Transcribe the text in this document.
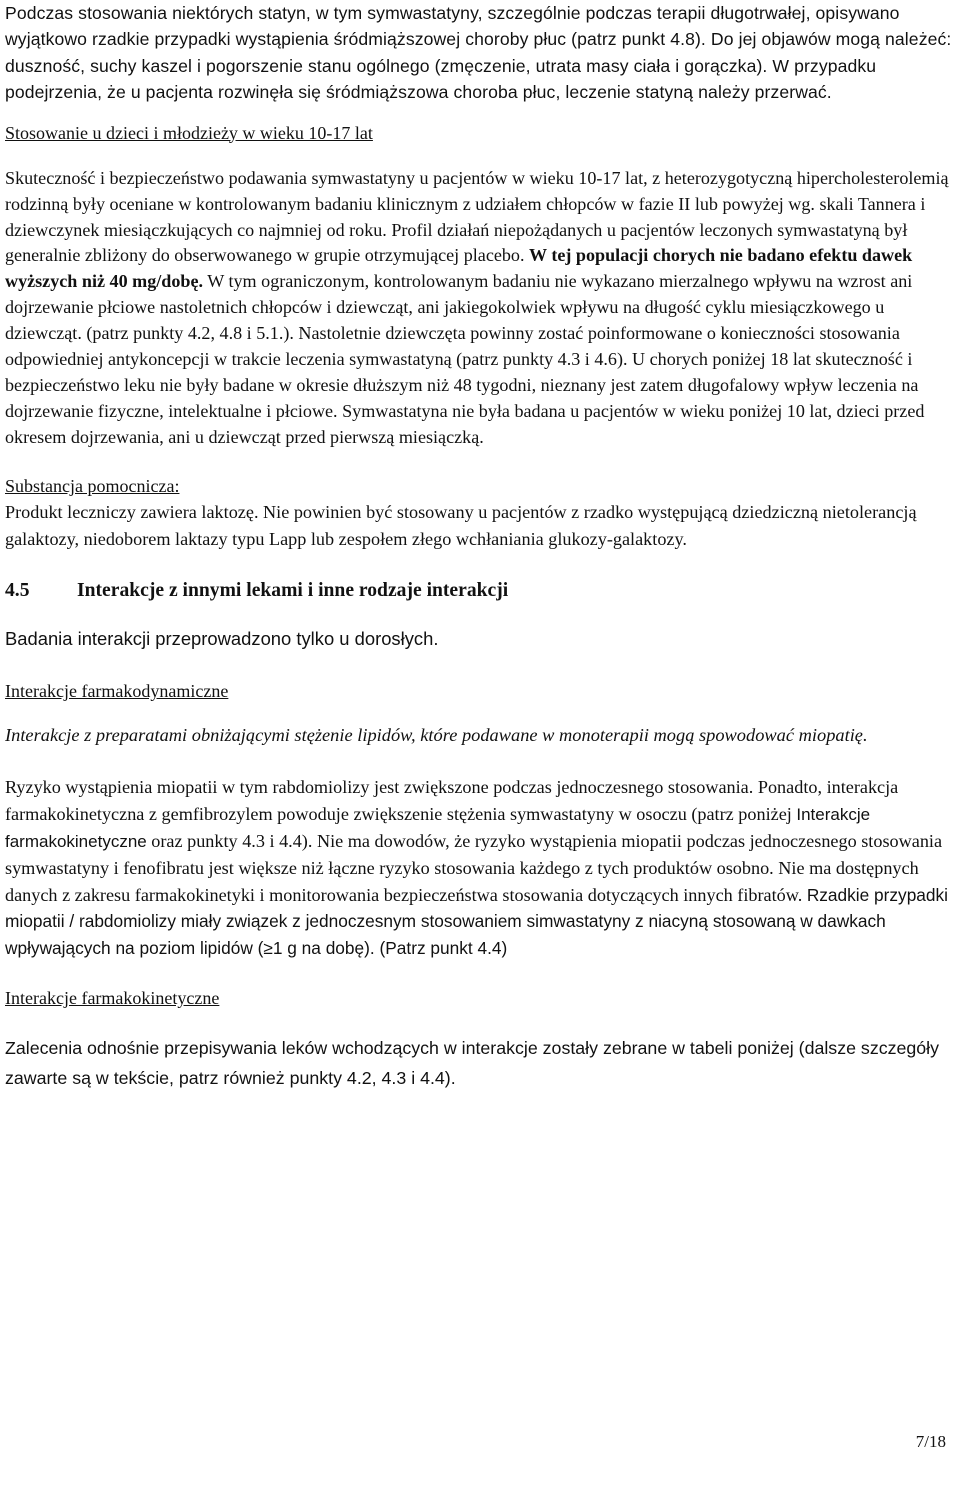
Podczas stosowania niektórych statyn, w tym symwastatyny, szczególnie podczas terapii długotrwałej, opisywano wyjątkowo rzadkie przypadki wystąpienia śródmiąższowej choroby płuc (patrz punkt 4.8). Do jej objawów mogą należeć: duszność, suchy kaszel i pogorszenie stanu ogólnego (zmęczenie, utrata masy ciała i gorączka). W przypadku podejrzenia, że u pacjenta rozwinęła się śródmiąższowa choroba płuc, leczenie statyną należy przerwać.

Stosowanie u dzieci i młodzieży w wieku 10-17 lat

Skuteczność i bezpieczeństwo podawania symwastatyny u pacjentów w wieku 10-17 lat, z heterozygotyczną hipercholesterolemią rodzinną były oceniane w kontrolowanym badaniu klinicznym z udziałem chłopców w fazie II lub powyżej wg. skali Tannera i dziewczynek miesiączkujących co najmniej od roku. Profil działań niepożądanych u pacjentów leczonych symwastatyną był generalnie zbliżony do obserwowanego w grupie otrzymującej placebo. W tej populacji chorych nie badano efektu dawek wyższych niż 40 mg/dobę. W tym ograniczonym, kontrolowanym badaniu nie wykazano mierzalnego wpływu na wzrost ani dojrzewanie płciowe nastoletnich chłopców i dziewcząt, ani jakiegokolwiek wpływu na długość cyklu miesiączkowego u dziewcząt. (patrz punkty 4.2, 4.8 i 5.1.). Nastoletnie dziewczęta powinny zostać poinformowane o konieczności stosowania odpowiedniej antykoncepcji w trakcie leczenia symwastatyną (patrz punkty 4.3 i 4.6). U chorych poniżej 18 lat skuteczność i bezpieczeństwo leku nie były badane w okresie dłuższym niż 48 tygodni, nieznany jest zatem długofalowy wpływ leczenia na dojrzewanie fizyczne, intelektualne i płciowe. Symwastatyna nie była badana u pacjentów w wieku poniżej 10 lat, dzieci przed okresem dojrzewania, ani u dziewcząt przed pierwszą miesiączką.

Substancja pomocnicza:

Produkt leczniczy zawiera laktozę. Nie powinien być stosowany u pacjentów z rzadko występującą dziedziczną nietolerancją galaktozy, niedoborem laktazy typu Lapp lub zespołem złego wchłaniania glukozy-galaktozy.

4.5 Interakcje z innymi lekami i inne rodzaje interakcji

Badania interakcji przeprowadzono tylko u dorosłych.

Interakcje farmakodynamiczne

Interakcje z preparatami obniżającymi stężenie lipidów, które podawane w monoterapii mogą spowodować miopatię.

Ryzyko wystąpienia miopatii w tym rabdomiolizy jest zwiększone podczas jednoczesnego stosowania. Ponadto, interakcja farmakokinetyczna z gemfibrozylem powoduje zwiększenie stężenia symwastatyny w osoczu (patrz poniżej Interakcje farmakokinetyczne oraz punkty 4.3 i 4.4). Nie ma dowodów, że ryzyko wystąpienia miopatii podczas jednoczesnego stosowania symwastatyny i fenofibratu jest większe niż łączne ryzyko stosowania każdego z tych produktów osobno. Nie ma dostępnych danych z zakresu farmakokinetyki i monitorowania bezpieczeństwa stosowania dotyczących innych fibratów. Rzadkie przypadki miopatii / rabdomiolizy miały związek z jednoczesnym stosowaniem simwastatyny z niacyną stosowaną w dawkach wpływających na poziom lipidów (≥1 g na dobę). (Patrz punkt 4.4)

Interakcje farmakokinetyczne

Zalecenia odnośnie przepisywania leków wchodzących w interakcje zostały zebrane w tabeli poniżej (dalsze szczegóły zawarte są w tekście, patrz również punkty 4.2, 4.3 i 4.4).

7/18
